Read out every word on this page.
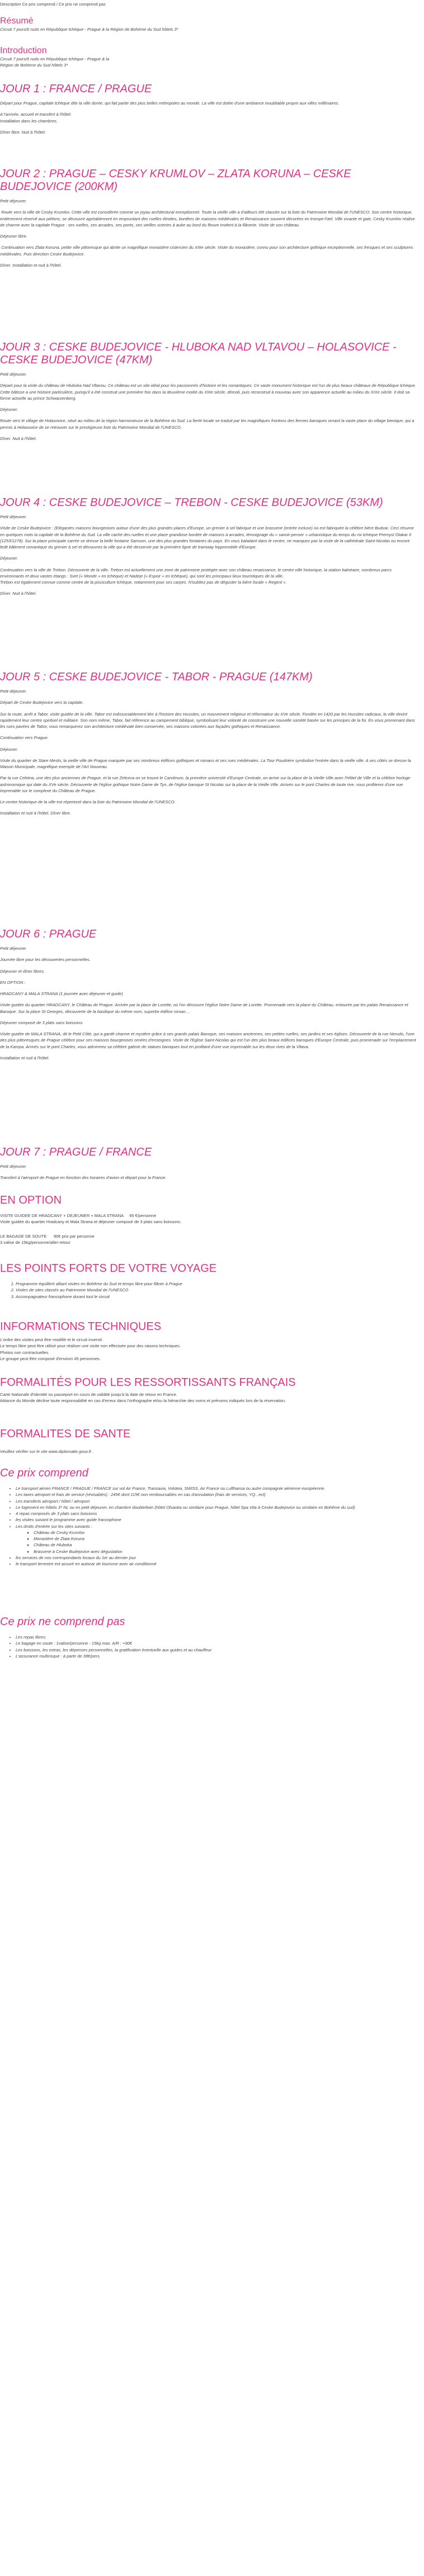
Description Ce prix comprend / Ce prix ne comprend pas

Résumé

Circuit 7 jours/6 nuits en République tchèque - Prague & la Région de Bohème du Sud hôtels 3*

Introduction

Circuit 7 jours/6 nuits en République tchèque - Prague & la Région de Bohème du Sud hôtels 3*

JOUR 1 : FRANCE / PRAGUE

Départ pour Prague, capitale tchèque dite la ville dorée, qui fait partie des plus belles métropoles au monde. La ville est dotée d'une ambiance inoubliable propre aux villes millénaires.

A l'arrivée, accueil et transfert à l'hôtel.

Installation dans les chambres.

Dîner libre. Nuit à l'hôtel.

JOUR 2 : PRAGUE – CESKY KRUMLOV – ZLATA KORUNA – CESKE BUDEJOVICE (200KM)

Petit déjeuner.

Route vers la ville de Cesky Krumlov. Cette ville est considérée comme un joyau architectural exceptionnel. Toute la vieille ville a d'ailleurs été classée sur la liste du Patrimoine Mondial de l'UNESCO. Son centre historique, entièrement réservé aux piétons, se découvre agréablement en empruntant des ruelles étroites, bordées de maisons médiévales et Renaissance souvent décorées en trompe-l'œil. Ville vivante et gaie, Cesky Krumlov réalise de charme avec la capitale Prague : ses ruelles, ses arcades, ses ponts, ses vieilles scieries à aube au bord du fleuve invitent à la flânerie. Visite de son château.

Déjeuner libre.

Continuation vers Zlata Koruna, petite ville pittoresque qui abrite un magnifique monastère cistercien du XIIIe siècle. Visite du monastère, connu pour son architecture gothique exceptionnelle, ses fresques et ses sculptures médiévales. Puis direction Ceske Budejovice.

Dîner. Installation et nuit à l'hôtel.

JOUR 3 : CESKE BUDEJOVICE - HLUBOKA NAD VLTAVOU – HOLASOVICE - CESKE BUDEJOVICE (47KM)

Petit déjeuner.

Départ pour la visite du château de Hluboka Nad Vltavou. Ce château est un site idéal pour les passionnés d'histoire et les romantiques. Ce vaste monument historique est l'un de plus beaux châteaux de République tchèque. Cette bâtisse a une histoire particulière, puisqu'il a été construit une première fois dans la deuxième moitié du XIIIe siècle, démoli, puis reconstruit à nouveau avec son apparence actuelle au milieu du XIXe siècle. Il doit sa forme actuelle au prince Schwarzenberg.

Déjeuner.

Route vers le village de Holasovice, situé au milieu de la région harmonieuse de la Bohême du Sud. La fierté locale se traduit par les magnifiques frontons des fermes baroques ornant la vaste place du village bienique, qui a permis à Holasovice de se retrouver sur le prestigieuse liste du Patrimoine Mondial de l'UNESCO.

Dîner. Nuit à l'hôtel.

JOUR 4 : CESKE BUDEJOVICE – TREBON - CESKE BUDEJOVICE (53KM)

Petit déjeuner.

Visite de Ceske Budejovice : (Elégantes maisons bourgeoises autour d'une des plus grandes places d'Europe, un grenier à sel fabrique et une brasserie (entrée incluse) où est fabriquée la célèbre bière Budvar. Ceci résume en quelques mots la capitale de la Bohême du Sud. La ville caché des ruelles et une place grandiose bordée de maisons à arcades, témoignage du « savoir-penser » urbanistique du temps du roi tchèque Premysl Otakar II (1253/1278). Sur la place principale carrée se dresse la belle fontaine Samson, une des plus grandes fontaines du pays. En vous baladant dans le centre, ne manquez pas la visite de la cathédrale Saint-Nicolas ou encore ledit bâtiment romantique du grenier à sel et découvrez la ville qui a été desservie par la première ligne de tramway hippomobile d'Europe.

Déjeuner.

Continuation vers la ville de Trebon. Découverte de la ville. Trebon est actuellement une zone de patrimoine protégée avec son château renaissance, le centre ville historique, la station balnéaire, nombreux parcs environnants et deux vastes étangs : Svet (« Monde » en tchèque) et Nadeje (« Espoir » en tchèque), qui sont les principaux lieux touristiques de la ville.
Trebon est également connue comme centre de la pisciculture tchèque, notamment pour ses carpes. N'oubliez pas de déguster la bière locale « Regent ».

Dîner. Nuit à l'hôtel.

JOUR 5 : CESKE BUDEJOVICE - TABOR - PRAGUE (147KM)

Petit déjeuner.

Départ de Ceske Budejovice vers la capitale.

Sur la route, arrêt à Tabor, visite guidée de la ville. Tabor est indissociablement liée à l'histoire des Hussites, un mouvement religieux et réformateur du XVe siècle. Fondée en 1420 par les Hussites radicaux, la ville devint rapidement leur centre spirituel et militaire. Son nom même, Tabor, fait référence au campement biblique, symbolisant leur volonté de construire une nouvelle société basée sur les principes de la foi. En vous promenant dans les rues pavées de Tabor, vous remarquerez son architecture médiévale bien conservée, ses maisons colorées aux façades gothiques et Renaissance.

Continuation vers Prague.

Déjeuner.

Visite du quartier de Stare Mesto, la vieille ville de Prague marquée par ses nombreux édifices gothiques et romans et ses rues médiévales. La Tour Poudrière symbolise l'entrée dans la vieille ville. A ses côtés se dresse la Maison Municipale, magnifique exemple de l'Art Nouveau.

Par la rue Celetna, une des plus anciennes de Prague, et la rue Zelezna on se trouve le Carolinum, la première université d'Europe Centrale, on arrive sur la place de la Vieille Ville avec l'Hôtel de Ville et la célèbre horloge astronomique qui date du XVe siècle. Découverte de l'église gothique Notre Dame de Tyn, de l'église baroque St Nicolas sur la place de la Vieille Ville. Arrivés sur le pont Charles de toute rive, vous profiterez d'une vue imprenable sur le complexe du Château de Prague.

Le centre historique de la ville est répertorié dans la liste du Patrimoine Mondial de l'UNESCO.

Installation et nuit à l'hôtel. Dîner libre.

JOUR 6 : PRAGUE

Petit déjeuner.

Journée libre pour les découvertes personnelles.

Déjeuner et dîner libres.

EN OPTION :

HRADCANY & MALA STRANA (1 journée avec déjeuner et guide)

Visite guidée du quartier HRADCANY, le Château de Prague. Arrivée par la place de Lorette, où l'on découvre l'église Notre Dame de Lorette. Promenade vers la place du Château, entourée par les palais Renaissance et Baroque. Sur la place St Georges, découverte de la basilique du même nom, superbe édifice roman…

Déjeuner composé de 3 plats sans boissons.

Visite guidée de MALA STRANA, dit le Petit Côté, qui a gardé charme et mystère grâce à ses grands palais Baroque, ses maisons anciennes, ses petites ruelles, ses jardins et ses églises. Découverte de la rue Nerudo, l'une des plus pittoresques de Prague célèbre pour ses maisons bourgeoises ornées d'enseignes. Visite de l'Eglise Saint-Nicolas qui est l'un des plus beaux édifices baroques d'Europe Centrale, puis promenade sur l'emplacement de la Kampa. Arrivés sur le pont Charles, vous admirerez sa célèbre galerie de statues baroques tout en profitant d'une vue imprenable sur les deux rives de la Vltava.

Installation et nuit à l'hôtel.

JOUR 7 : PRAGUE / FRANCE

Petit déjeuner.

Transfert à l'aéroport de Prague en fonction des horaires d'avion et départ pour la France.

EN OPTION

VISITE GUIDEE DE HRADCANY + DEJEUNER + MALA STRANA     95 €/personne

Visite guidée du quartier Hradcany et Mala Strana et déjeuner composé de 3 plats sans boissons.

LE BAGAGE DE SOUTE      90€ prix par personne

3 valise de 15kg/personne/aller-retour

LES POINTS FORTS DE VOTRE VOYAGE
1. Programme équilibré alliant visites en Bohême du Sud et temps libre pour flâner à Prague
2. Visites de sites classés au Patrimoine Mondial de l'UNESCO
3. Accompagnateur francophone durant tout le circuit
INFORMATIONS TECHNIQUES

L'ordre des visites peut être modifié et le circuit inversé.

Le temps libre peut être utilisé pour réaliser une visite non effectuée pour des raisons techniques.

Photos non contractuelles.

Le groupe peut être composé d'environ 45 personnes.

FORMALITÉS POUR LES RESSORTISSANTS FRANÇAIS

Carte Nationale d'Identité ou passeport en cours de validité jusqu'à la date de retour en France.

Attiance du Monde décline toute responsabilité en cas d'erreur dans l'orthographe et/ou la hiérarchie des noms et prénoms indiqués lors de la réservation.

FORMALITES DE SANTE

Veuillez vérifier sur le site www.diplomatie.gouv.fr .

Ce prix comprend
• Le transport aérien FRANCE / PRAGUE / FRANCE sur vol Air France, Transavia, Volotea, SWISS, Air France ou Lufthansa ou autre compagnie aérienne européenne.
• Les taxes aéroport et frais de service (révisables) : 245€ dont 115€ non remboursables en cas d'annulation (frais de services, YQ...ect)
• Les transferts aéroport / hôtel / aéroport
• Le logement en hôtels 3* NL ou en petit déjeuner, en chambre double/twin (hôtel Olsanka ou similaire pour Prague, hôtel Spa Vita à Ceske Budejovice ou similaire en Bohême du sud)
• 4 repas composés de 3 plats sans boissons
• les visites suivant le programme avec guide francophone
• Les droits d'entrée sur les sites suivants :
◦ Château de Cesky Krumlov
◦ Monastère de Zlata Koruna
◦ Château de Hluboka
◦ Brasserie à Ceske Budejovice avec dégustation
• les services de nos correspondants locaux du 1er au dernier jour
• le transport terrestre est assuré en autocar de tourisme avec air conditionné
Ce prix ne comprend pas
• Les repas libres.
• Le bagage en soute : 1valise/personne - 15kg max. A/R : +90€
• Les boissons, les extras, les dépenses personnelles, la gratification éventuelle aux guides et au chauffeur
• L'assurance multirisque : à partir de 38€/pers.
